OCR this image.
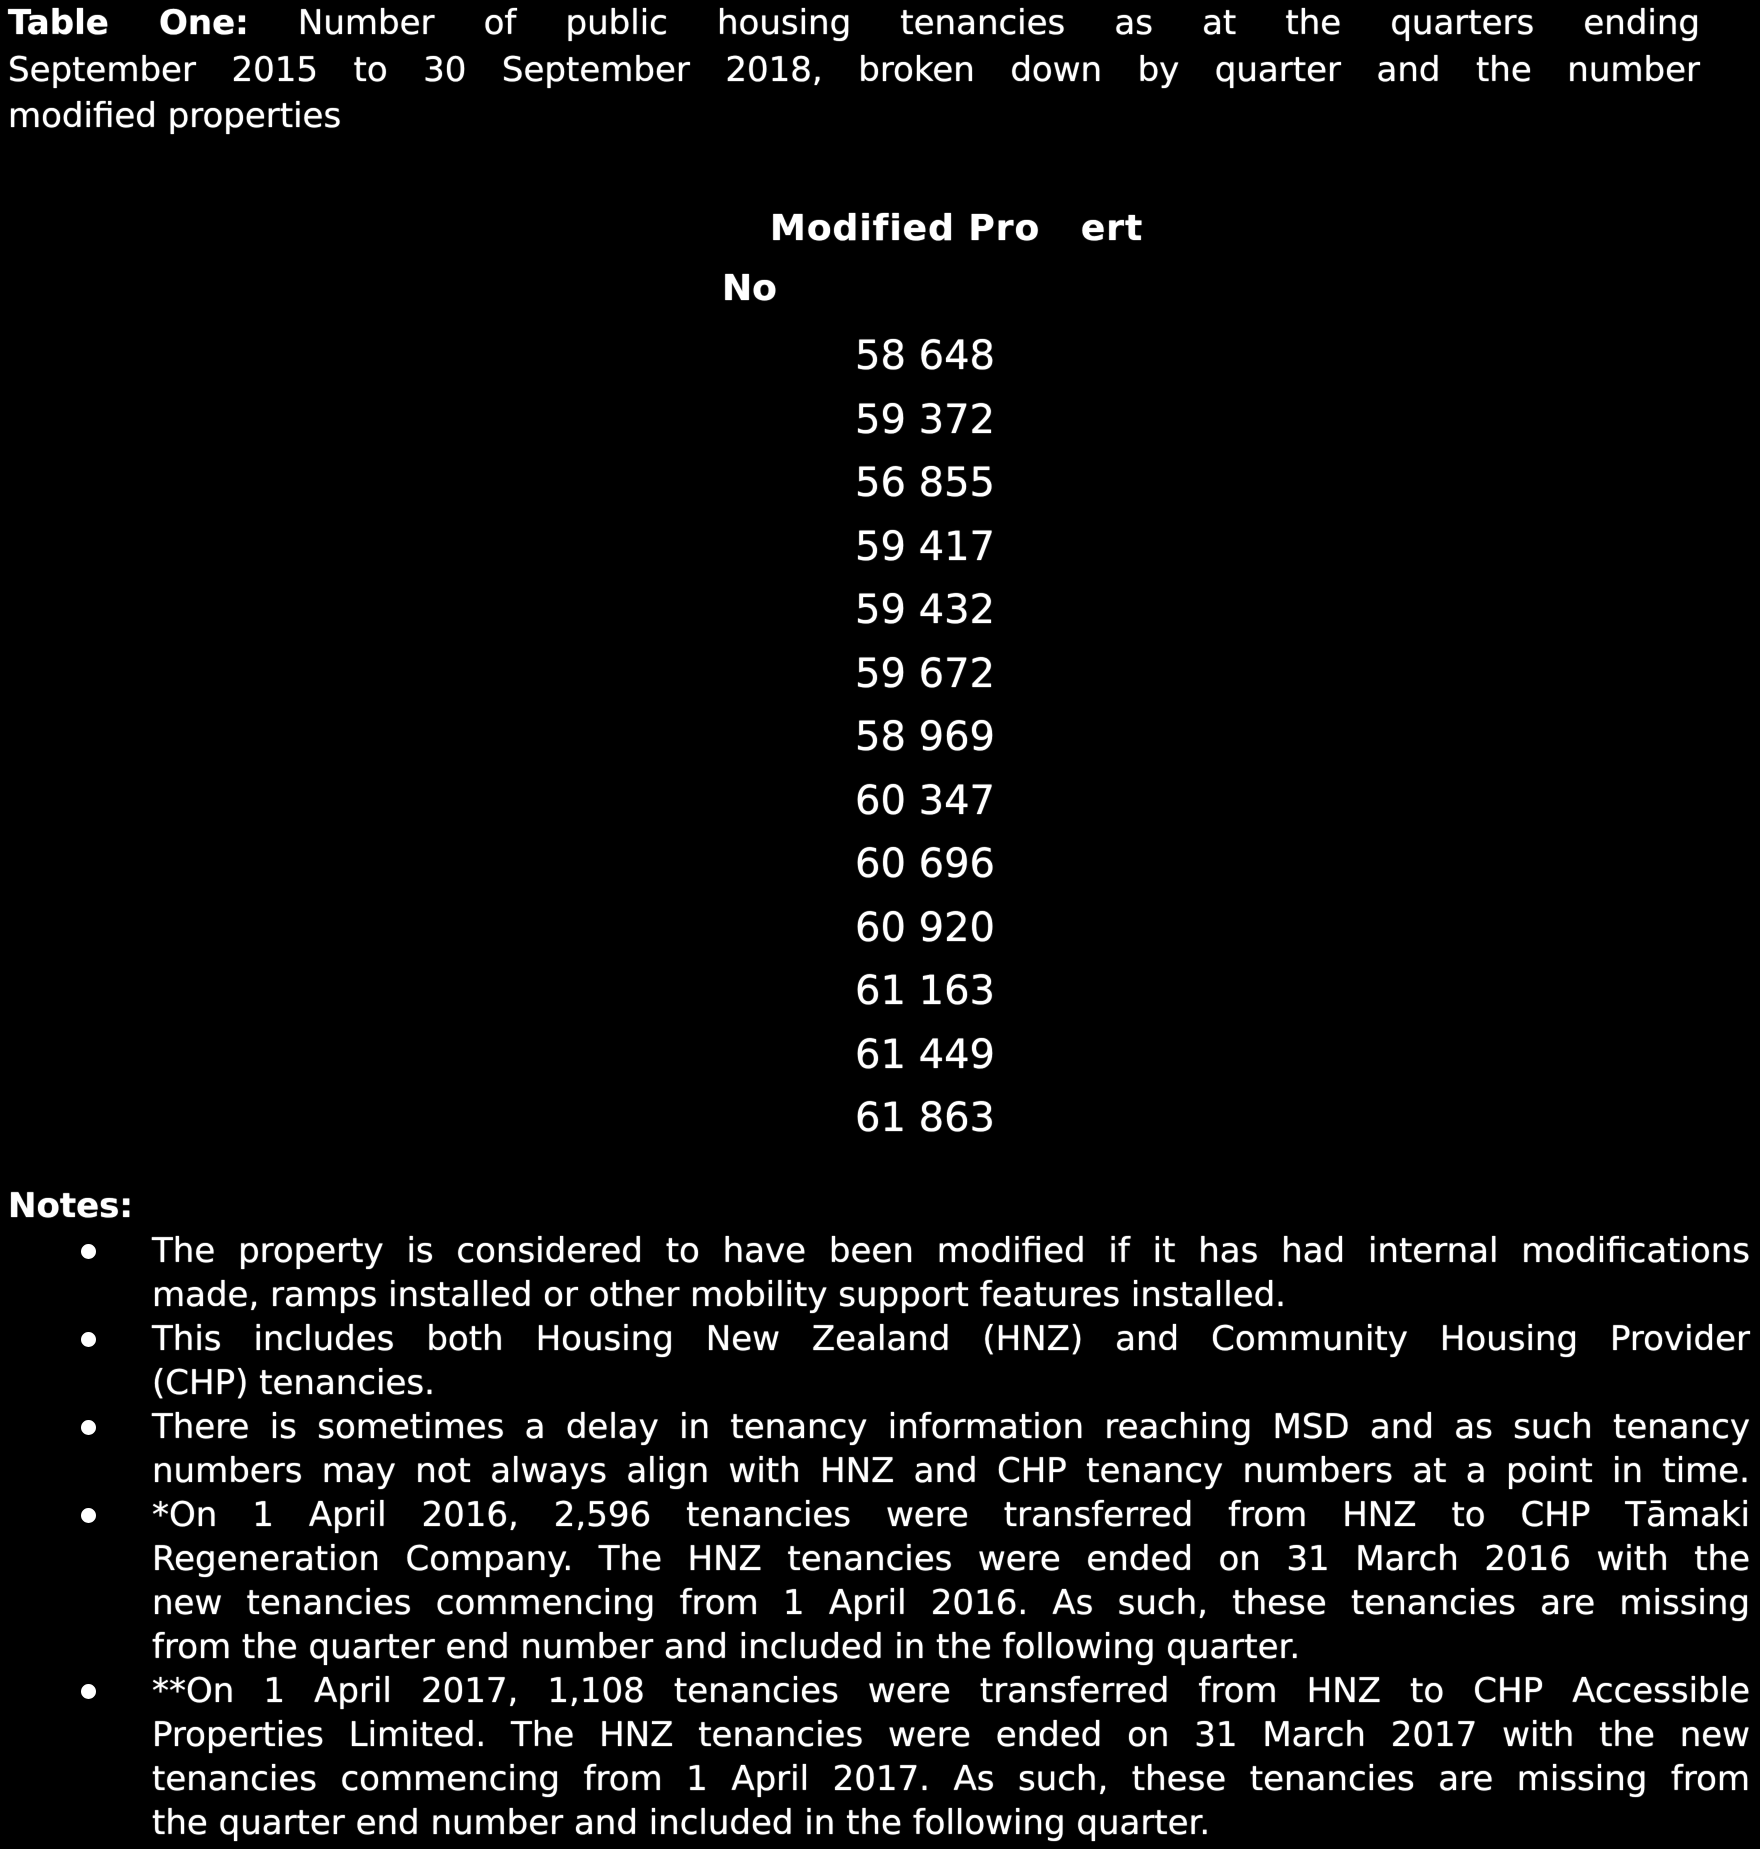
Table One: Number of public housing tenancies as at the quarters ending
September 2015 to 30 September 2018, broken down by quarter and the number
modified properties
Modified Pro   ert
No
58 648
59 372
56 855
59 417
59 432
59 672
58 969
60 347
60 696
60 920
61 163
61 449
61 863
Notes:
The property is considered to have been modified if it has had internal modifications
made, ramps installed or other mobility support features installed.
This includes both Housing New Zealand (HNZ) and Community Housing Provider
(CHP) tenancies.
There is sometimes a delay in tenancy information reaching MSD and as such tenancy
numbers may not always align with HNZ and CHP tenancy numbers at a point in time.
*On 1 April 2016, 2,596 tenancies were transferred from HNZ to CHP Tāmaki
Regeneration Company. The HNZ tenancies were ended on 31 March 2016 with the
new tenancies commencing from 1 April 2016. As such, these tenancies are missing
from the quarter end number and included in the following quarter.
**On 1 April 2017, 1,108 tenancies were transferred from HNZ to CHP Accessible
Properties Limited. The HNZ tenancies were ended on 31 March 2017 with the new
tenancies commencing from 1 April 2017. As such, these tenancies are missing from
the quarter end number and included in the following quarter.
